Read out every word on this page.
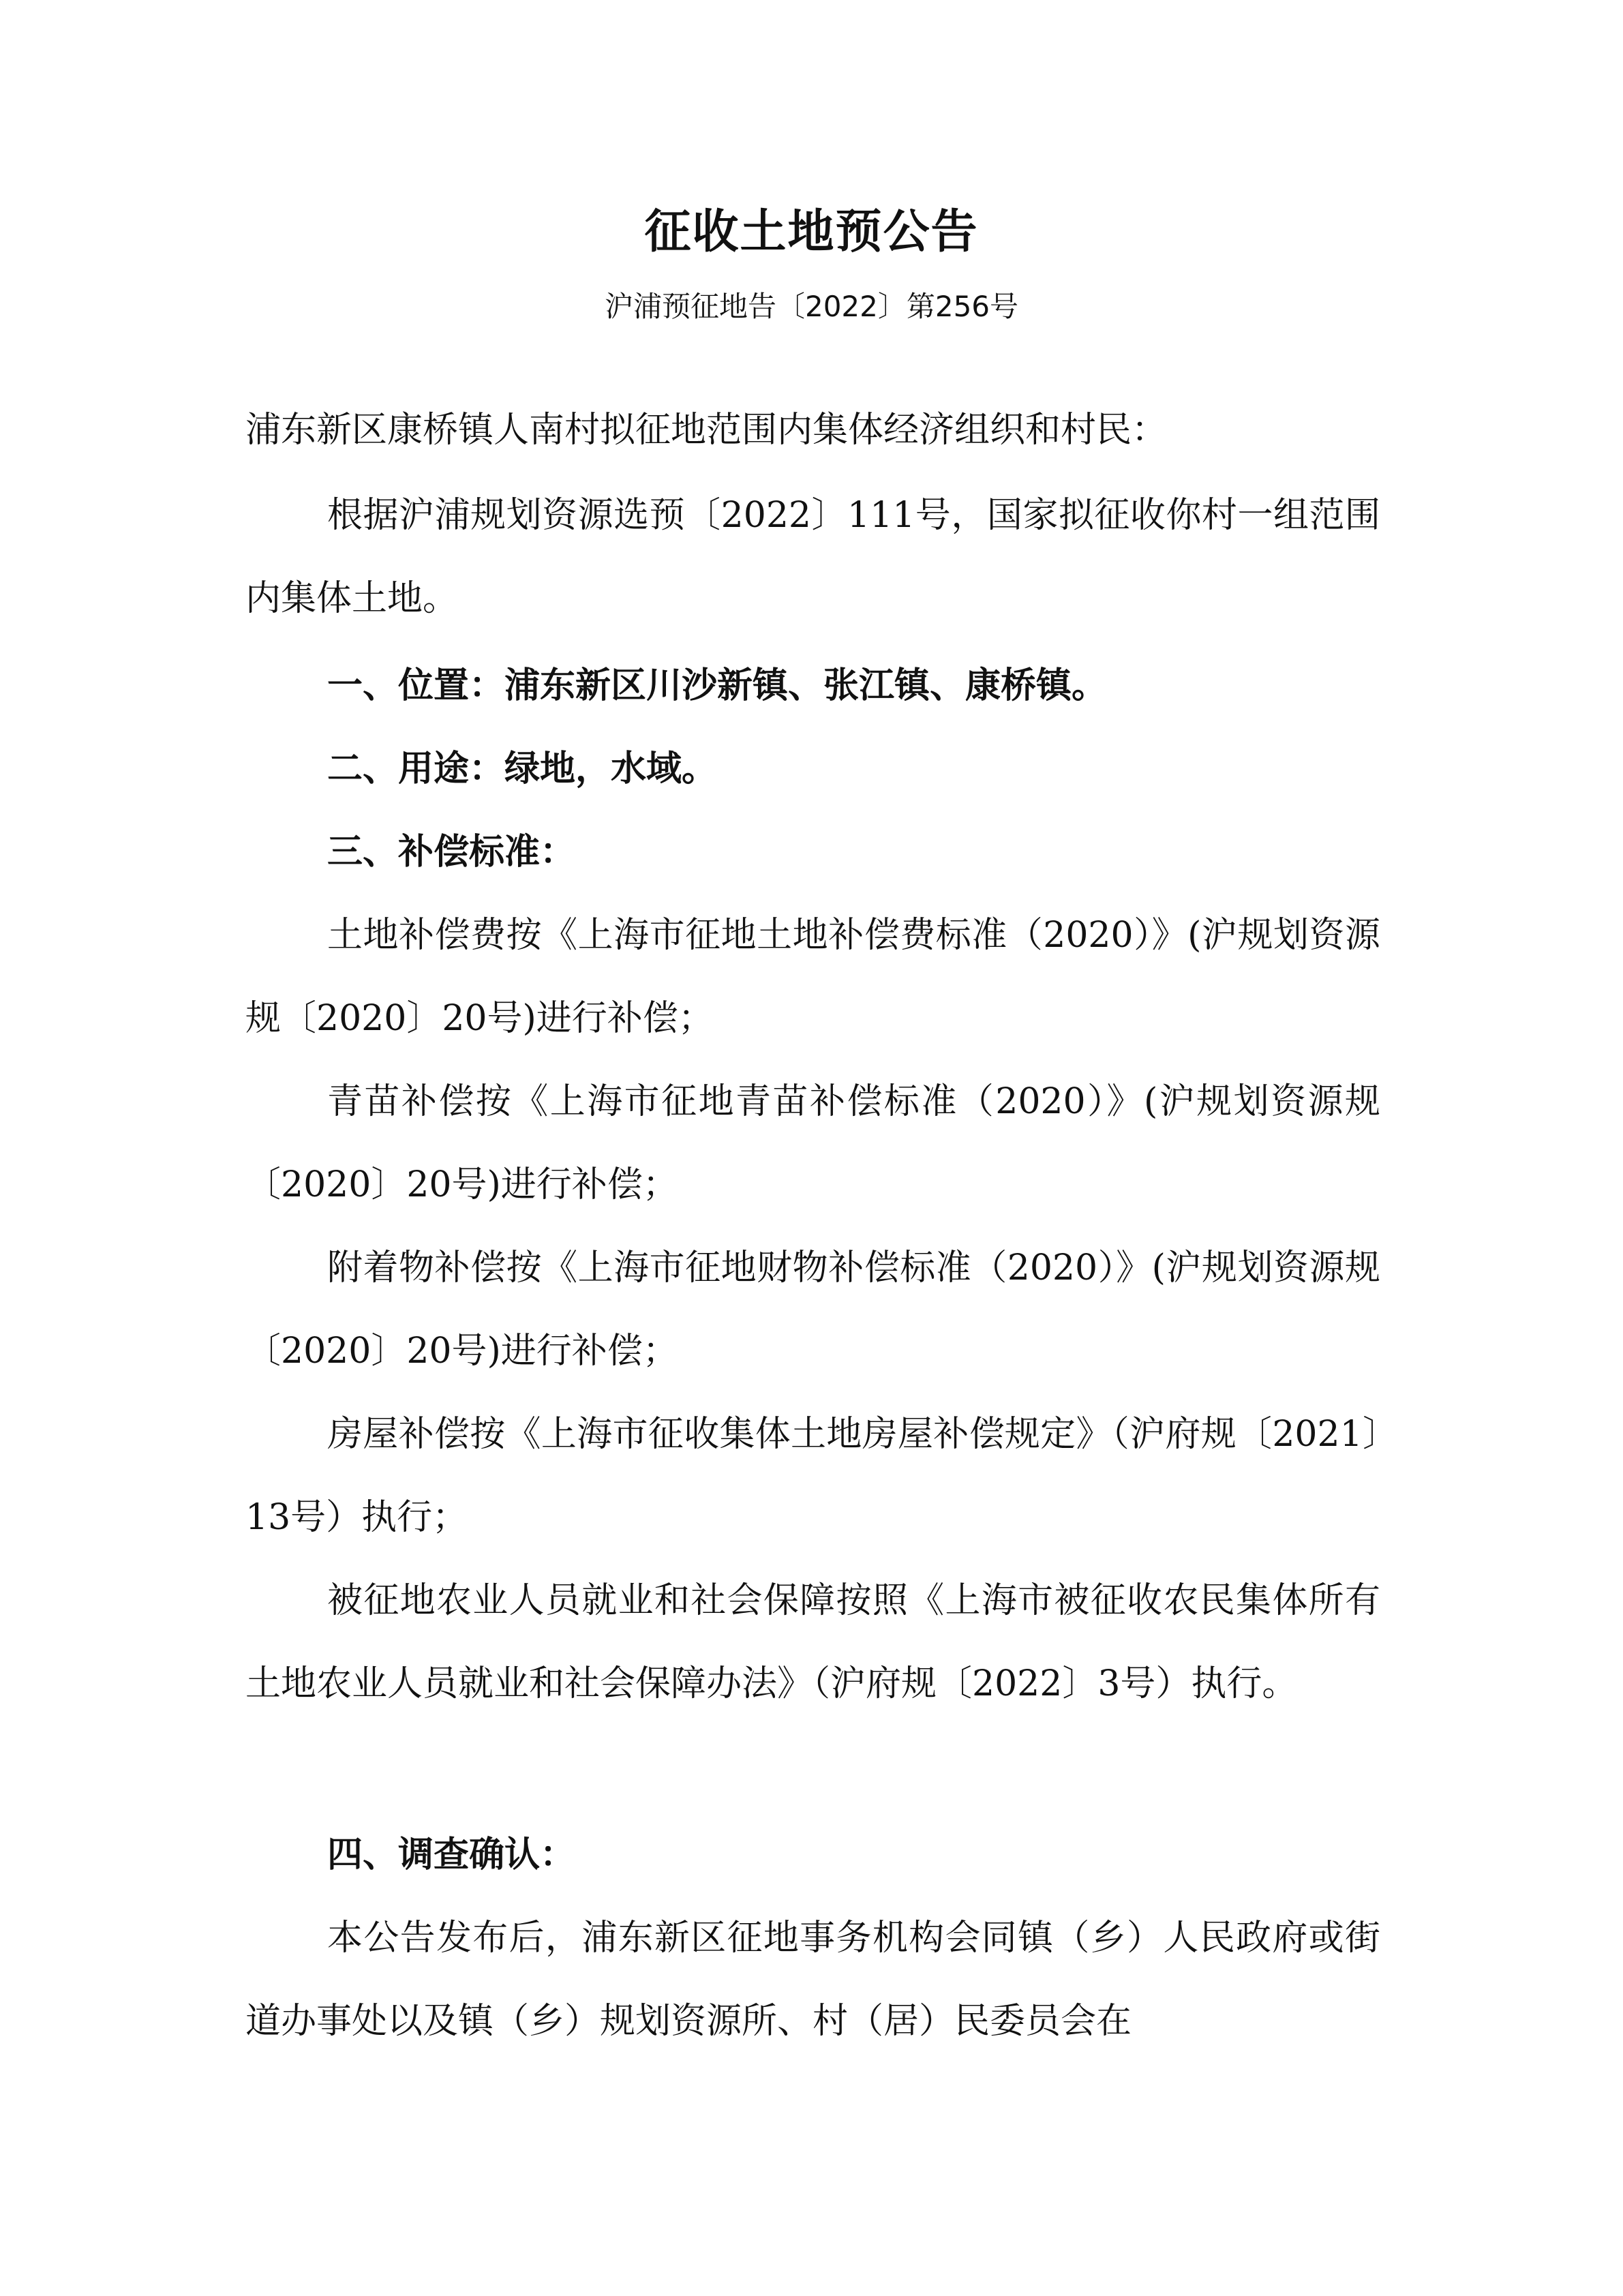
征收土地预公告
沪浦预征地告〔2022〕第256号
浦东新区康桥镇人南村拟征地范围内集体经济组织和村民：
根据沪浦规划资源选预〔2022〕111号，国家拟征收你村一组范围内集体土地。
一、位置：浦东新区川沙新镇、张江镇、康桥镇。
二、用途：绿地，水域。
三、补偿标准：
土地补偿费按《上海市征地土地补偿费标准（2020）》(沪规划资源规〔2020〕20号)进行补偿；
青苗补偿按《上海市征地青苗补偿标准（2020）》(沪规划资源规〔2020〕20号)进行补偿；
附着物补偿按《上海市征地财物补偿标准（2020）》(沪规划资源规〔2020〕20号)进行补偿；
房屋补偿按《上海市征收集体土地房屋补偿规定》（沪府规〔2021〕13号）执行；
被征地农业人员就业和社会保障按照《上海市被征收农民集体所有土地农业人员就业和社会保障办法》（沪府规〔2022〕3号）执行。
四、调查确认：
本公告发布后，浦东新区征地事务机构会同镇（乡）人民政府或街道办事处以及镇（乡）规划资源所、村（居）民委员会在
